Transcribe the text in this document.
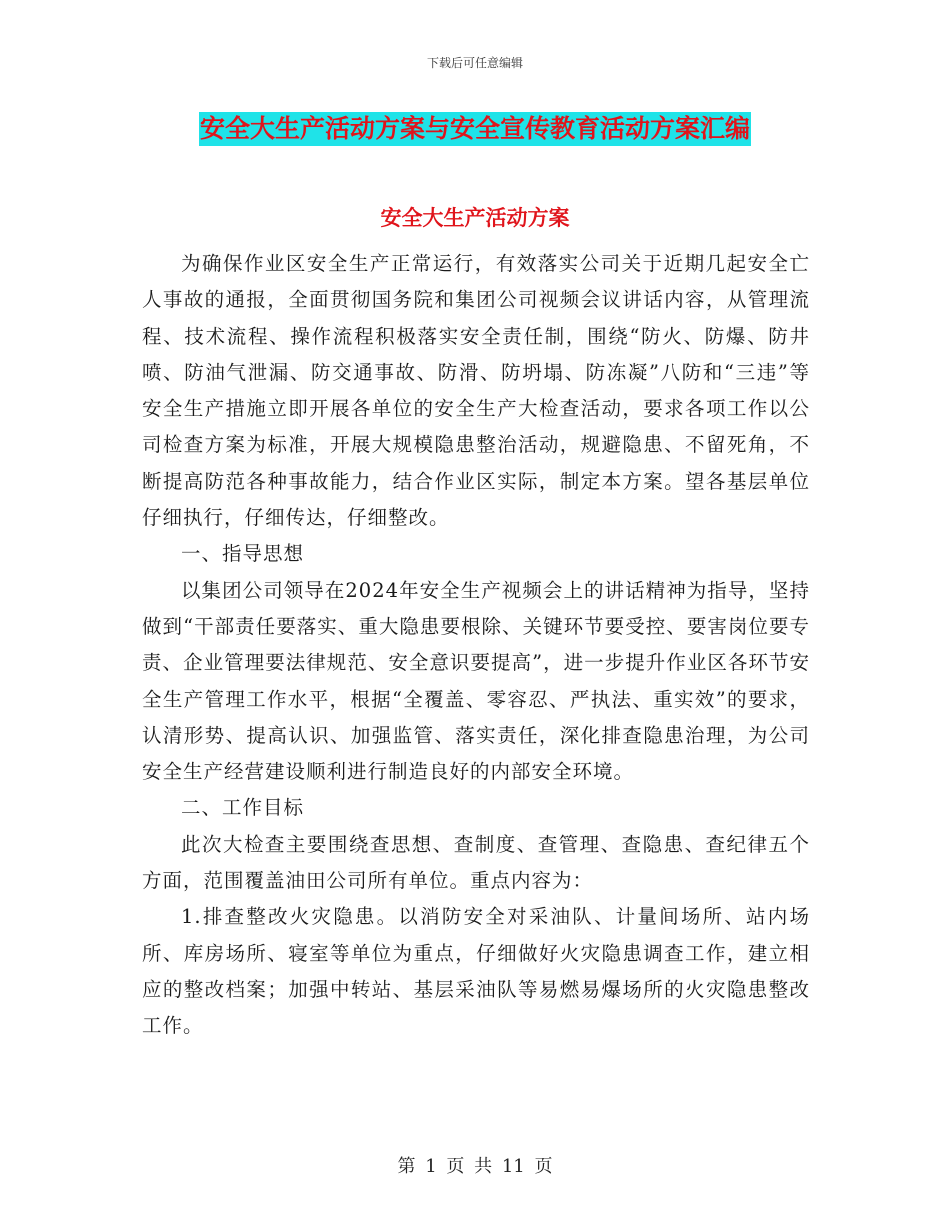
下载后可任意编辑
安全大生产活动方案与安全宣传教育活动方案汇编
安全大生产活动方案

为确保作业区安全生产正常运行，有效落实公司关于近期几起安全亡人事故的通报，全面贯彻国务院和集团公司视频会议讲话内容，从管理流程、技术流程、操作流程积极落实安全责任制，围绕“防火、防爆、防井喷、防油气泄漏、防交通事故、防滑、防坍塌、防冻凝”八防和“三违”等安全生产措施立即开展各单位的安全生产大检查活动，要求各项工作以公司检查方案为标准，开展大规模隐患整治活动，规避隐患、不留死角，不断提高防范各种事故能力，结合作业区实际，制定本方案。望各基层单位仔细执行，仔细传达，仔细整改。

一、指导思想

以集团公司领导在2024年安全生产视频会上的讲话精神为指导，坚持做到“干部责任要落实、重大隐患要根除、关键环节要受控、要害岗位要专责、企业管理要法律规范、安全意识要提高”，进一步提升作业区各环节安全生产管理工作水平，根据“全覆盖、零容忍、严执法、重实效”的要求，认清形势、提高认识、加强监管、落实责任，深化排查隐患治理，为公司安全生产经营建设顺利进行制造良好的内部安全环境。

二、工作目标

此次大检查主要围绕查思想、查制度、查管理、查隐患、查纪律五个方面，范围覆盖油田公司所有单位。重点内容为：

1.排查整改火灾隐患。以消防安全对采油队、计量间场所、站内场所、库房场所、寝室等单位为重点，仔细做好火灾隐患调查工作，建立相应的整改档案；加强中转站、基层采油队等易燃易爆场所的火灾隐患整改工作。

第 1 页 共 11 页
